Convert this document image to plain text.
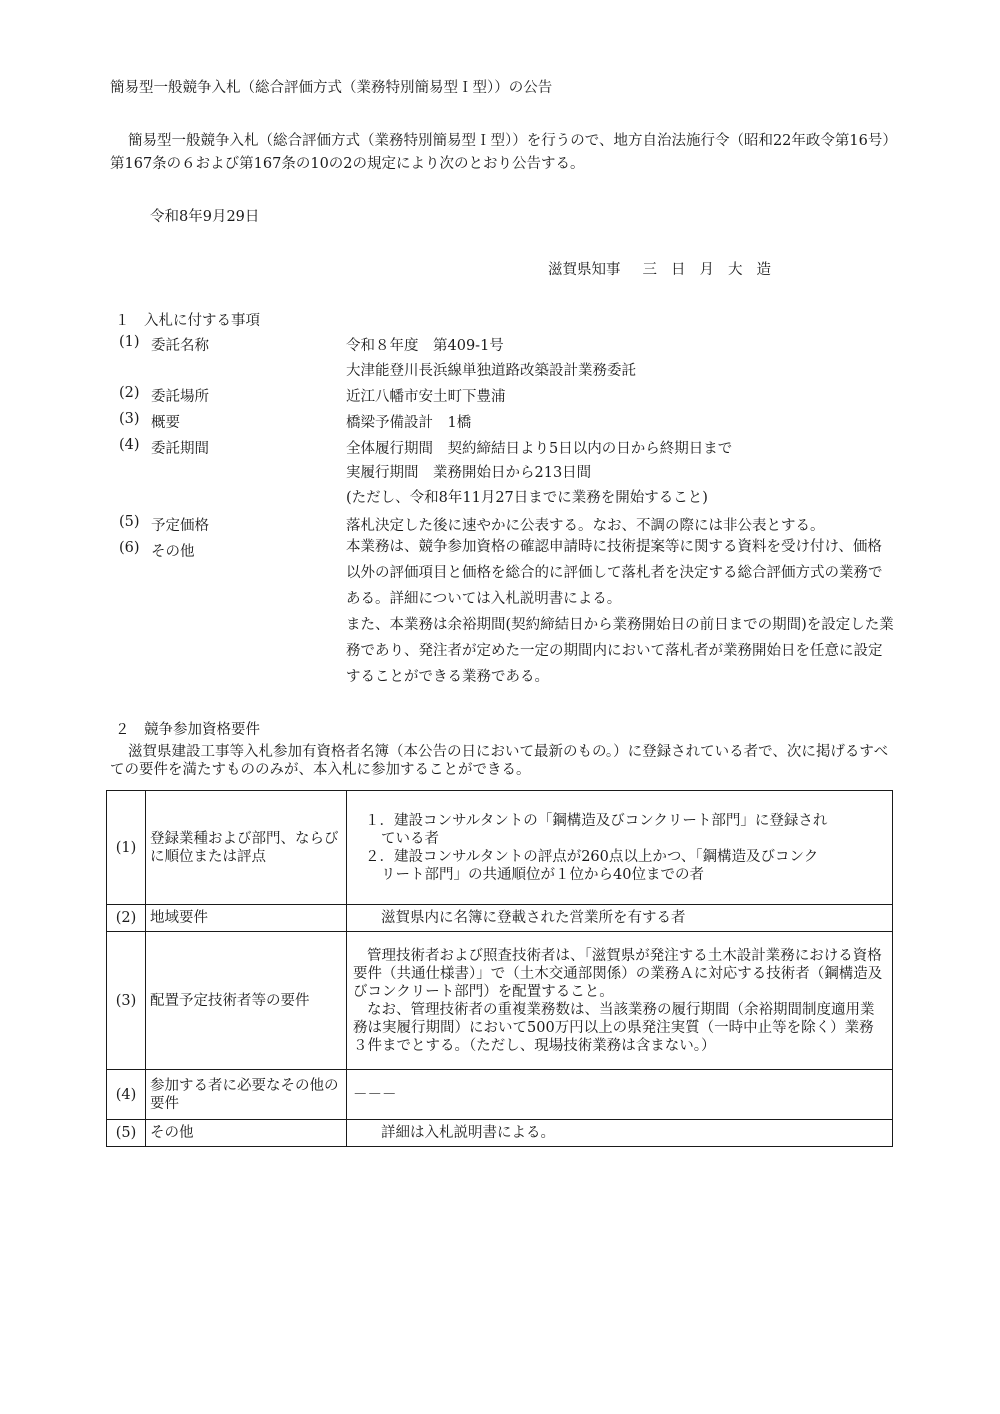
簡易型一般競争入札（総合評価方式（業務特別簡易型Ｉ型））の公告
簡易型一般競争入札（総合評価方式（業務特別簡易型Ｉ型））を行うので、地方自治法施行令（昭和22年政令第16号）第167条の６および第167条の10の2の規定により次のとおり公告する。
令和8年9月29日
滋賀県知事 三日月大造
１　入札に付する事項
(1) 委託名称	令和８年度　第409-1号
大津能登川長浜線単独道路改築設計業務委託
(2) 委託場所	近江八幡市安土町下豊浦
(3) 概要	橋梁予備設計　1橋
(4) 委託期間	全体履行期間　契約締結日より5日以内の日から終期日まで
実履行期間　業務開始日から213日間
(ただし、令和8年11月27日までに業務を開始すること)
(5) 予定価格	落札決定した後に速やかに公表する。なお、不調の際には非公表とする。
(6) その他	本業務は、競争参加資格の確認申請時に技術提案等に関する資料を受け付け、価格以外の評価項目と価格を総合的に評価して落札者を決定する総合評価方式の業務である。詳細については入札説明書による。

また、本業務は余裕期間(契約締結日から業務開始日の前日までの期間)を設定した業務であり、発注者が定めた一定の期間内において落札者が業務開始日を任意に設定することができる業務である。

２　競争参加資格要件
滋賀県建設工事等入札参加有資格者名簿（本公告の日において最新のもの。）に登録されている者で、次に掲げるすべての要件を満たすもののみが、本入札に参加することができる。
(1)	登録業種および部門、ならびに順位または評点	１．建設コンサルタントの「鋼構造及びコンクリート部門」に登録され
ている者
２．建設コンサルタントの評点が260点以上かつ、「鋼構造及びコンク
リート部門」の共通順位が１位から40位までの者

(2)	地域要件	滋賀県内に名簿に登載された営業所を有する者

(3)	配置予定技術者等の要件	管理技術者および照査技術者は、「滋賀県が発注する土木設計業務における資格要件（共通仕様書）」で（土木交通部関係）の業務Ａに対応する技術者（鋼構造及びコンクリート部門）を配置すること。
なお、管理技術者の重複業務数は、当該業務の履行期間（余裕期間制度適用業務は実履行期間）において500万円以上の県発注実質（一時中止等を除く）業務３件までとする。（ただし、現場技術業務は含まない。）

(4)	参加する者に必要なその他の要件	－－－

(5)	その他	詳細は入札説明書による。
